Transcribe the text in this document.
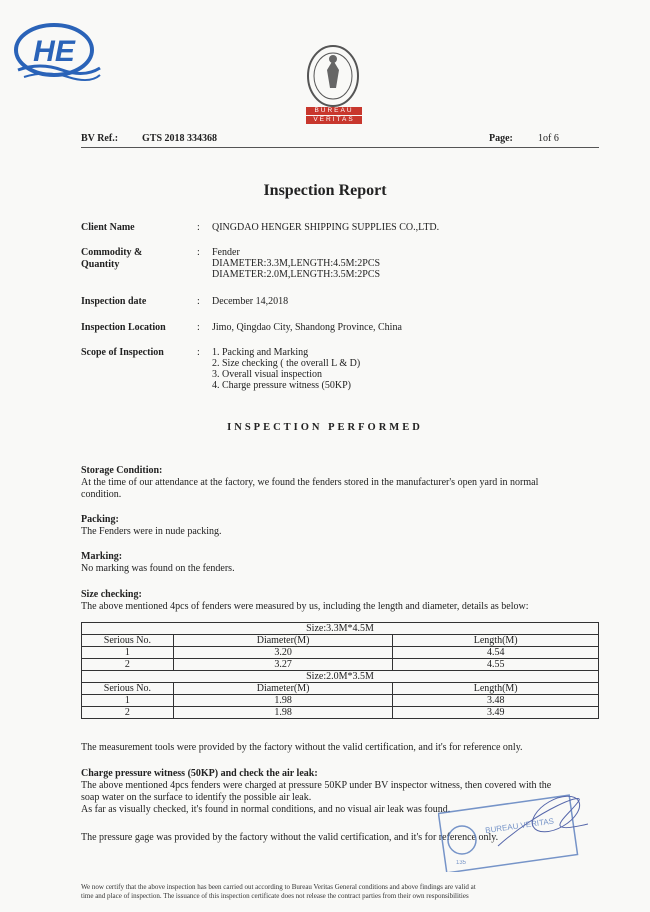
HE
BUREAU
VERITAS
BV Ref.: GTS 2018 334368	Page:	1of 6
Inspection Report
Client Name	: QINGDAO HENGER SHIPPING SUPPLIES CO.,LTD.
Commodity &
Quantity
: Fender
DIAMETER:3.3M,LENGTH:4.5M:2PCS
DIAMETER:2.0M,LENGTH:3.5M:2PCS
Inspection date	: December 14,2018
Inspection Location	: Jimo, Qingdao City, Shandong Province, China
Scope of Inspection	: 1. Packing and Marking
2. Size checking ( the overall L & D)
3. Overall visual inspection
4. Charge pressure witness (50KP)
INSPECTION PERFORMED
Storage Condition:
At the time of our attendance at the factory, we found the fenders stored in the manufacturer's open yard in normal
condition.
Packing:
The Fenders were in nude packing.
Marking:
No marking was found on the fenders.
Size checking:
The above mentioned 4pcs of fenders were measured by us, including the length and diameter, details as below:
Size:3.3M*4.5M		
Serious No.	Diameter(M)	Length(M)
1	3.20	4.54
2	3.27	4.55
Size:2.0M*3.5M		
Serious No.	Diameter(M)	Length(M)
1	1.98	3.48
2	1.98	3.49
The measurement tools were provided by the factory without the valid certification, and it's for reference only.
Charge pressure witness (50KP) and check the air leak:
The above mentioned 4pcs fenders were charged at pressure 50KP under BV inspector witness, then covered with the
soap water on the surface to identify the possible air leak.
As far as visually checked, it's found in normal conditions, and no visual air leak was found.
The pressure gage was provided by the factory without the valid certification, and it's for reference only.
BUREAU VERITAS
135
We now certify that the above inspection has been carried out according to Bureau Veritas General conditions and above findings are valid at
time and place of inspection. The issuance of this inspection certificate does not release the contract parties from their own responsibilities
